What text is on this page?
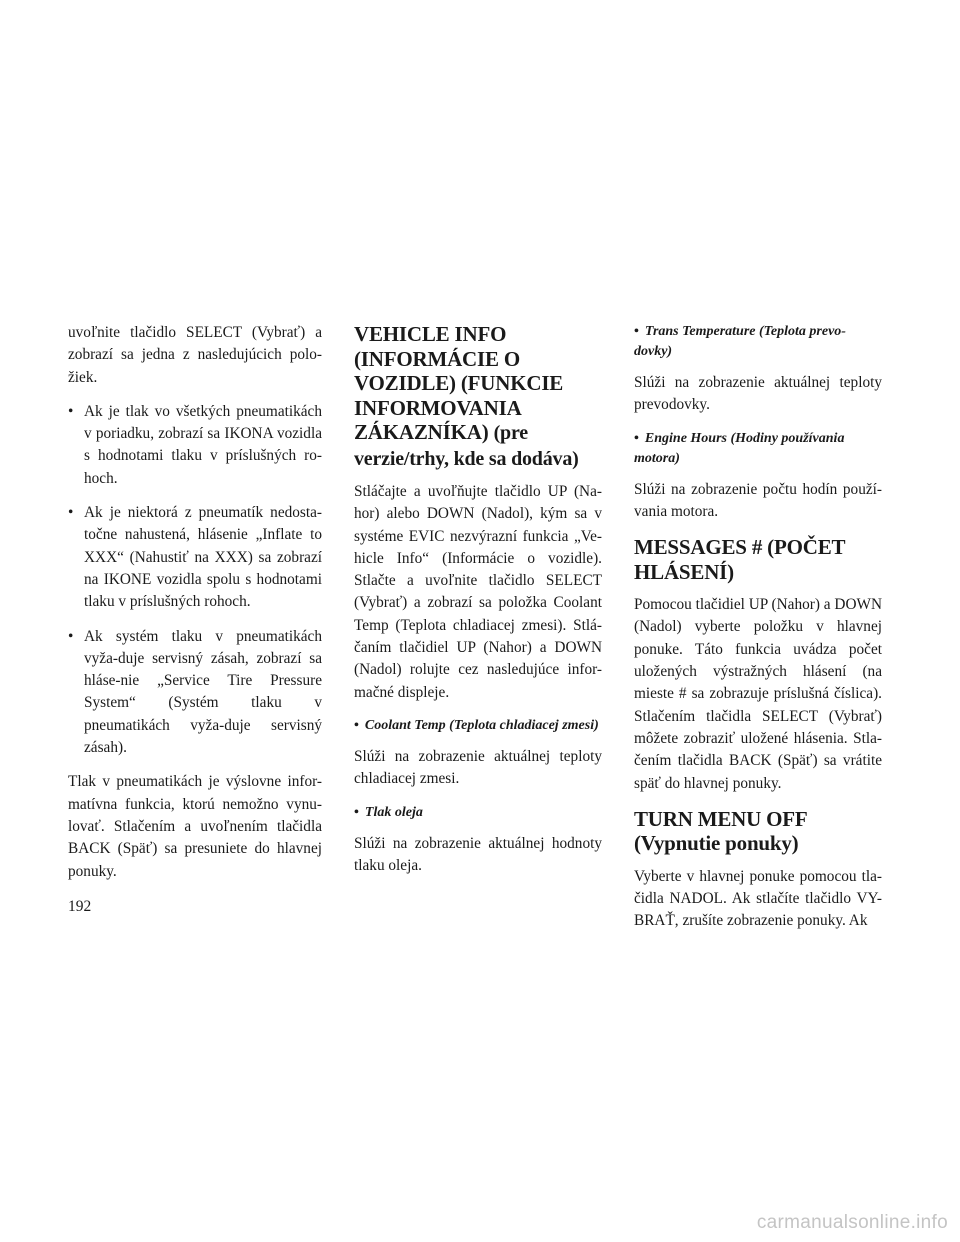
uvoľnite tlačidlo SELECT (Vybrať) a zobrazí sa jedna z nasledujúcich polo-žiek.

• Ak je tlak vo všetkých pneumatikách v poriadku, zobrazí sa IKONA vozidla s hodnotami tlaku v príslušných ro-hoch.
• Ak je niektorá z pneumatík nedosta-točne nahustená, hlásenie „Inflate to XXX“ (Nahustiť na XXX) sa zobrazí na IKONE vozidla spolu s hodnotami tlaku v príslušných rohoch.
• Ak systém tlaku v pneumatikách vyža-duje servisný zásah, zobrazí sa hláse-nie „Service Tire Pressure System“ (Systém tlaku v pneumatikách vyža-duje servisný zásah).

Tlak v pneumatikách je výslovne infor-matívna funkcia, ktorú nemožno vynu-lovať. Stlačením a uvoľnením tlačidla BACK (Späť) sa presuniete do hlavnej ponuky.

VEHICLE INFO (INFORMÁCIE O VOZIDLE) (FUNKCIE INFORMOVANIA ZÁKAZNÍKA) (pre verzie/trhy, kde sa dodáva)

Stláčajte a uvoľňujte tlačidlo UP (Na-hor) alebo DOWN (Nadol), kým sa v systéme EVIC nezvýrazní funkcia „Ve-hicle Info“ (Informácie o vozidle). Stlačte a uvoľnite tlačidlo SELECT (Vybrať) a zobrazí sa položka Coolant Temp (Teplota chladiacej zmesi). Stlá-čaním tlačidiel UP (Nahor) a DOWN (Nadol) rolujte cez nasledujúce infor-mačné displeje.

• Coolant Temp (Teplota chladiacej zmesi)

Slúži na zobrazenie aktuálnej teploty chladiacej zmesi.

• Tlak oleja

Slúži na zobrazenie aktuálnej hodnoty tlaku oleja.

• Trans Temperature (Teplota prevo-dovky)

Slúži na zobrazenie aktuálnej teploty prevodovky.

• Engine Hours (Hodiny používania motora)

Slúži na zobrazenie počtu hodín použí-vania motora.

MESSAGES # (POČET HLÁSENÍ)

Pomocou tlačidiel UP (Nahor) a DOWN (Nadol) vyberte položku v hlavnej ponuke. Táto funkcia uvádza počet uložených výstražných hlásení (na mieste # sa zobrazuje príslušná číslica). Stlačením tlačidla SELECT (Vybrať) môžete zobraziť uložené hlásenia. Stla-čením tlačidla BACK (Späť) sa vrátite späť do hlavnej ponuky.

TURN MENU OFF (Vypnutie ponuky)

Vyberte v hlavnej ponuke pomocou tla-čidla NADOL. Ak stlačíte tlačidlo VY-BRAŤ, zrušíte zobrazenie ponuky. Ak

192
carmanualsonline.info
